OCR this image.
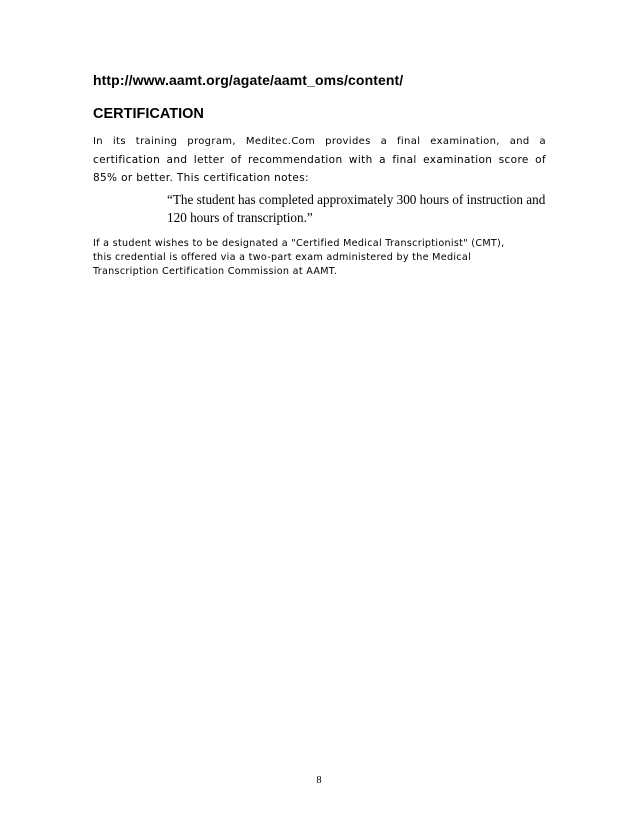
http://www.aamt.org/agate/aamt_oms/content/
CERTIFICATION
In its training program, Meditec.Com provides a final examination, and a
certification and letter of recommendation with a final examination score of
85% or better. This certification notes:
“The student has completed approximately 300 hours of instruction and
120 hours of transcription.”
If a student wishes to be designated a "Certified Medical Transcriptionist" (CMT),
this credential is offered via a two-part exam administered by the Medical
Transcription Certification Commission at AAMT.
8
